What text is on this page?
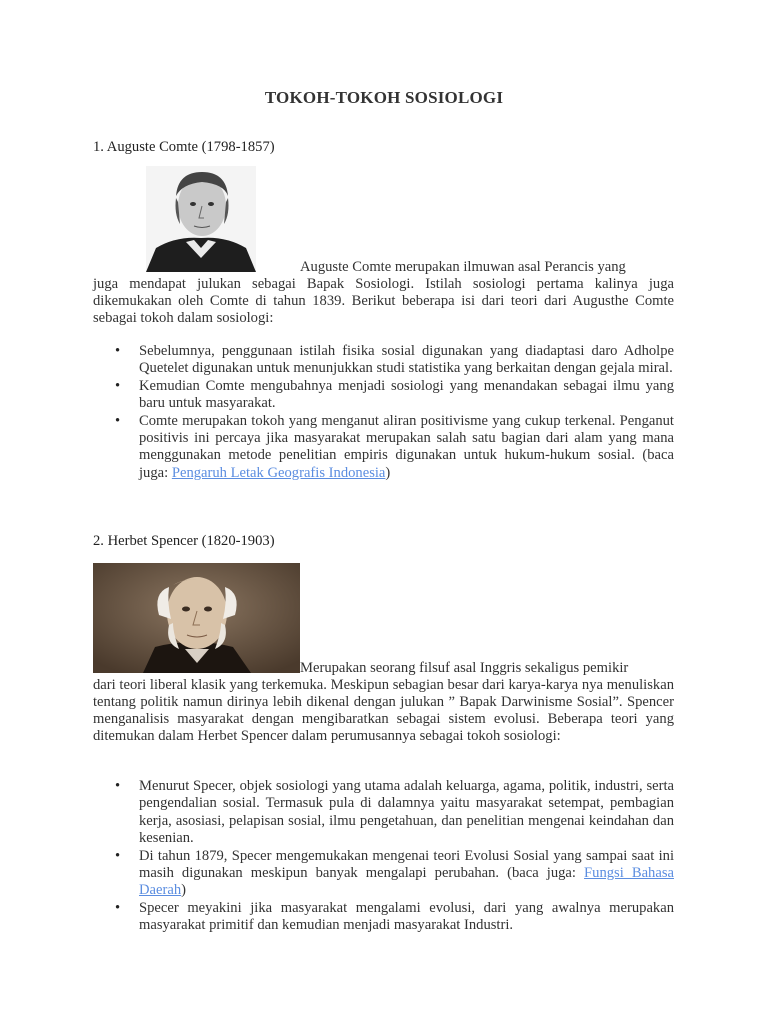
TOKOH-TOKOH SOSIOLOGI
1. Auguste Comte (1798-1857)
Auguste Comte merupakan ilmuwan asal Perancis yang
juga mendapat julukan sebagai Bapak Sosiologi. Istilah sosiologi pertama kalinya juga dikemukakan oleh Comte di tahun 1839. Berikut beberapa isi dari teori dari Augusthe Comte sebagai tokoh dalam sosiologi:
• Sebelumnya, penggunaan istilah fisika sosial digunakan yang diadaptasi daro Adholpe Quetelet digunakan untuk menunjukkan studi statistika yang berkaitan dengan gejala miral.
• Kemudian Comte mengubahnya menjadi sosiologi yang menandakan sebagai ilmu yang baru untuk masyarakat.
• Comte merupakan tokoh yang menganut aliran positivisme yang cukup terkenal. Penganut positivis ini percaya jika masyarakat merupakan salah satu bagian dari alam yang mana menggunakan metode penelitian empiris digunakan untuk hukum-hukum sosial. (baca juga: Pengaruh Letak Geografis Indonesia)
2. Herbet Spencer (1820-1903)
Merupakan seorang filsuf asal Inggris sekaligus pemikir
dari teori liberal klasik yang terkemuka. Meskipun sebagian besar dari karya-karya nya menuliskan tentang politik namun dirinya lebih dikenal dengan julukan ” Bapak Darwinisme Sosial”. Spencer menganalisis masyarakat dengan mengibaratkan sebagai sistem evolusi. Beberapa teori yang ditemukan dalam Herbet Spencer dalam perumusannya sebagai tokoh sosiologi:
• Menurut Specer, objek sosiologi yang utama adalah keluarga, agama, politik, industri, serta pengendalian sosial. Termasuk pula di dalamnya yaitu masyarakat setempat, pembagian kerja, asosiasi, pelapisan sosial, ilmu pengetahuan, dan penelitian mengenai keindahan dan kesenian.
• Di tahun 1879, Specer mengemukakan mengenai teori Evolusi Sosial yang sampai saat ini masih digunakan meskipun banyak mengalapi perubahan. (baca juga: Fungsi Bahasa Daerah)
• Specer meyakini jika masyarakat mengalami evolusi, dari yang awalnya merupakan masyarakat primitif dan kemudian menjadi masyarakat Industri.
